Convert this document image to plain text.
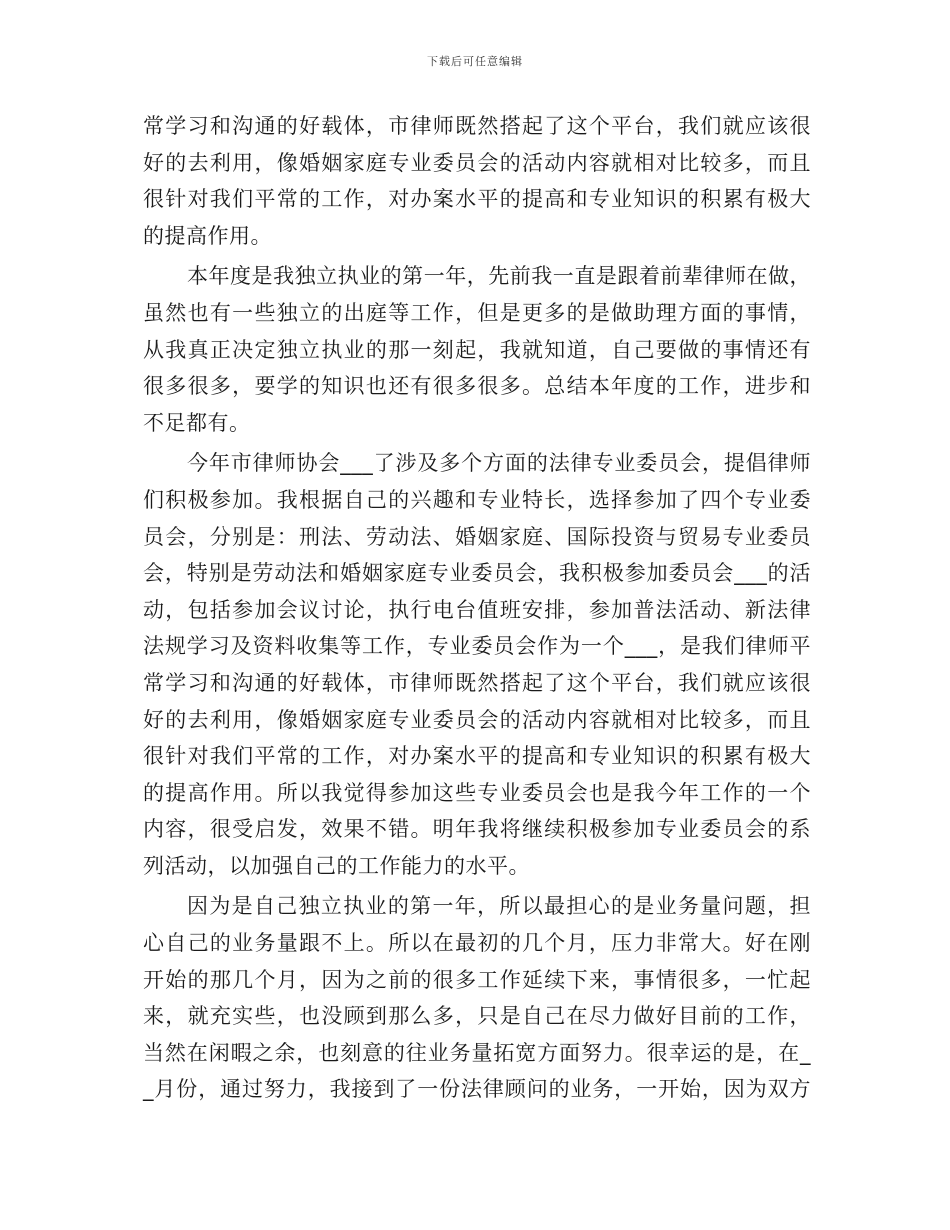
下载后可任意编辑
常学习和沟通的好载体，市律师既然搭起了这个平台，我们就应该很
好的去利用，像婚姻家庭专业委员会的活动内容就相对比较多，而且
很针对我们平常的工作，对办案水平的提高和专业知识的积累有极大
的提高作用。
本年度是我独立执业的第一年，先前我一直是跟着前辈律师在做，
虽然也有一些独立的出庭等工作，但是更多的是做助理方面的事情，
从我真正决定独立执业的那一刻起，我就知道，自己要做的事情还有
很多很多，要学的知识也还有很多很多。总结本年度的工作，进步和
不足都有。
今年市律师协会___了涉及多个方面的法律专业委员会，提倡律师
们积极参加。我根据自己的兴趣和专业特长，选择参加了四个专业委
员会，分别是：刑法、劳动法、婚姻家庭、国际投资与贸易专业委员
会，特别是劳动法和婚姻家庭专业委员会，我积极参加委员会___的活
动，包括参加会议讨论，执行电台值班安排，参加普法活动、新法律
法规学习及资料收集等工作，专业委员会作为一个___，是我们律师平
常学习和沟通的好载体，市律师既然搭起了这个平台，我们就应该很
好的去利用，像婚姻家庭专业委员会的活动内容就相对比较多，而且
很针对我们平常的工作，对办案水平的提高和专业知识的积累有极大
的提高作用。所以我觉得参加这些专业委员会也是我今年工作的一个
内容，很受启发，效果不错。明年我将继续积极参加专业委员会的系
列活动，以加强自己的工作能力的水平。
因为是自己独立执业的第一年，所以最担心的是业务量问题，担
心自己的业务量跟不上。所以在最初的几个月，压力非常大。好在刚
开始的那几个月，因为之前的很多工作延续下来，事情很多，一忙起
来，就充实些，也没顾到那么多，只是自己在尽力做好目前的工作，
当然在闲暇之余，也刻意的往业务量拓宽方面努力。很幸运的是，在_
_月份，通过努力，我接到了一份法律顾问的业务，一开始，因为双方
